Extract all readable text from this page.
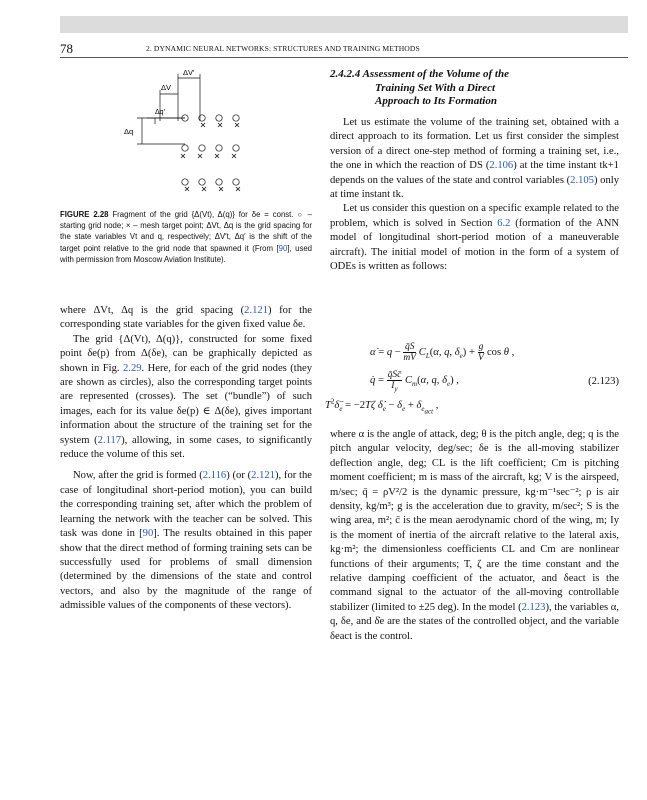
78	2. DYNAMIC NEURAL NETWORKS: STRUCTURES AND TRAINING METHODS
ΔV′
ΔV
Δq′
Δq
FIGURE 2.28 Fragment of the grid {Δ(Vt), Δ(q)} for δe = const. ○ – starting grid node; × – mesh target point; ΔVt, Δq is the grid spacing for the state variables Vt and q, respectively; ΔV′t, Δq′ is the shift of the target point relative to the grid node that spawned it (From [90], used with permission from Moscow Aviation Institute).

where ΔVt, Δq is the grid spacing (2.121) for the corresponding state variables for the given fixed value δe.

The grid {Δ(Vt), Δ(q)}, constructed for some fixed point δe(p) from Δ(δe), can be graphically depicted as shown in Fig. 2.29. Here, for each of the grid nodes (they are shown as circles), also the corresponding target points are represented (crosses). The set (“bundle”) of such images, each for its value δe(p) ∈ Δ(δe), gives important information about the structure of the training set for the system (2.117), allowing, in some cases, to significantly reduce the volume of this set.

Now, after the grid is formed (2.116) (or (2.121), for the case of longitudinal short-period motion), you can build the corresponding training set, after which the problem of learning the network with the teacher can be solved. This task was done in [90]. The results obtained in this paper show that the direct method of forming training sets can be successfully used for problems of small dimension (determined by the dimensions of the state and control vectors, and also by the magnitude of the range of admissible values of the components of these vectors).

2.4.2.4 Assessment of the Volume of the
Training Set With a Direct
Approach to Its Formation

Let us estimate the volume of the training set, obtained with a direct approach to its formation. Let us first consider the simplest version of a direct one-step method of forming a training set, i.e., the one in which the reaction of DS (2.106) at the time instant tk+1 depends on the values of the state and control variables (2.105) only at time instant tk.

Let us consider this question on a specific example related to the problem, which is solved in Section 6.2 (formation of the ANN model of longitudinal short-period motion of a maneuverable aircraft). The initial model of motion in the form of a system of ODEs is written as follows:

α̇ = $q - \frac{q̄S}{mV} C_L(\alpha$, q, $\delta_e) + \frac{g}{V}$ cos θ ,
q̇ = $\frac{q̄Sc̄}{I_y} C_m(\alpha$, q, $\delta_e$) ,	(2.123)
$T^2\deltä_e = -2T\zeta$ $\deltȧ_e - \delta_e + \delta_{e_{act}}$ ,

where α is the angle of attack, deg; θ is the pitch angle, deg; q is the pitch angular velocity, deg/sec; δe is the all-moving stabilizer deflection angle, deg; CL is the lift coefficient; Cm is pitching moment coefficient; m is mass of the aircraft, kg; V is the airspeed, m/sec; q̄ = ρV²/2 is the dynamic pressure, kg·m⁻¹sec⁻²; ρ is air density, kg/m³; g is the acceleration due to gravity, m/sec²; S is the wing area, m²; c̄ is the mean aerodynamic chord of the wing, m; Iy is the moment of inertia of the aircraft relative to the lateral axis, kg·m²; the dimensionless coefficients CL and Cm are nonlinear functions of their arguments; T, ζ are the time constant and the relative damping coefficient of the actuator, and δeact is the command signal to the actuator of the all-moving controllable stabilizer (limited to ±25 deg). In the model (2.123), the variables α, q, δe, and δ̇e are the states of the controlled object, and the variable δeact is the control.
